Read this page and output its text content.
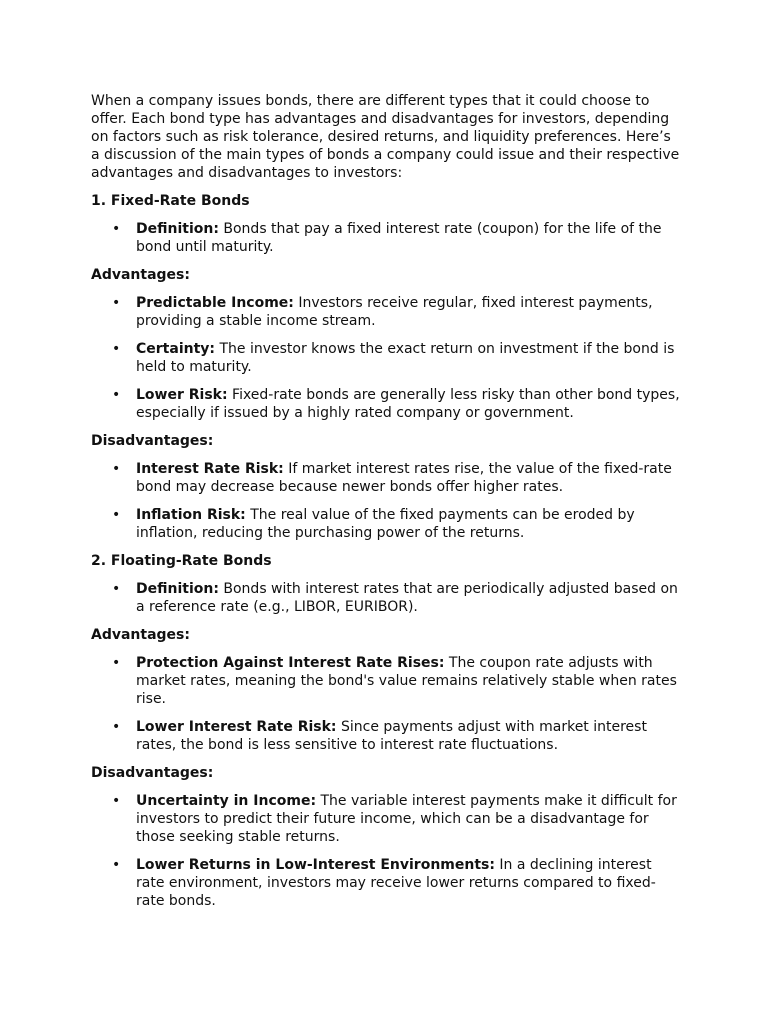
When a company issues bonds, there are different types that it could choose to offer. Each bond type has advantages and disadvantages for investors, depending on factors such as risk tolerance, desired returns, and liquidity preferences. Here’s a discussion of the main types of bonds a company could issue and their respective advantages and disadvantages to investors:

1. Fixed-Rate Bonds

• Definition: Bonds that pay a fixed interest rate (coupon) for the life of the bond until maturity.

Advantages:

• Predictable Income: Investors receive regular, fixed interest payments, providing a stable income stream.
• Certainty: The investor knows the exact return on investment if the bond is held to maturity.
• Lower Risk: Fixed-rate bonds are generally less risky than other bond types, especially if issued by a highly rated company or government.

Disadvantages:

• Interest Rate Risk: If market interest rates rise, the value of the fixed-rate bond may decrease because newer bonds offer higher rates.
• Inflation Risk: The real value of the fixed payments can be eroded by inflation, reducing the purchasing power of the returns.

2. Floating-Rate Bonds

• Definition: Bonds with interest rates that are periodically adjusted based on a reference rate (e.g., LIBOR, EURIBOR).

Advantages:

• Protection Against Interest Rate Rises: The coupon rate adjusts with market rates, meaning the bond's value remains relatively stable when rates rise.
• Lower Interest Rate Risk: Since payments adjust with market interest rates, the bond is less sensitive to interest rate fluctuations.

Disadvantages:

• Uncertainty in Income: The variable interest payments make it difficult for investors to predict their future income, which can be a disadvantage for those seeking stable returns.
• Lower Returns in Low-Interest Environments: In a declining interest rate environment, investors may receive lower returns compared to fixed-rate bonds.
